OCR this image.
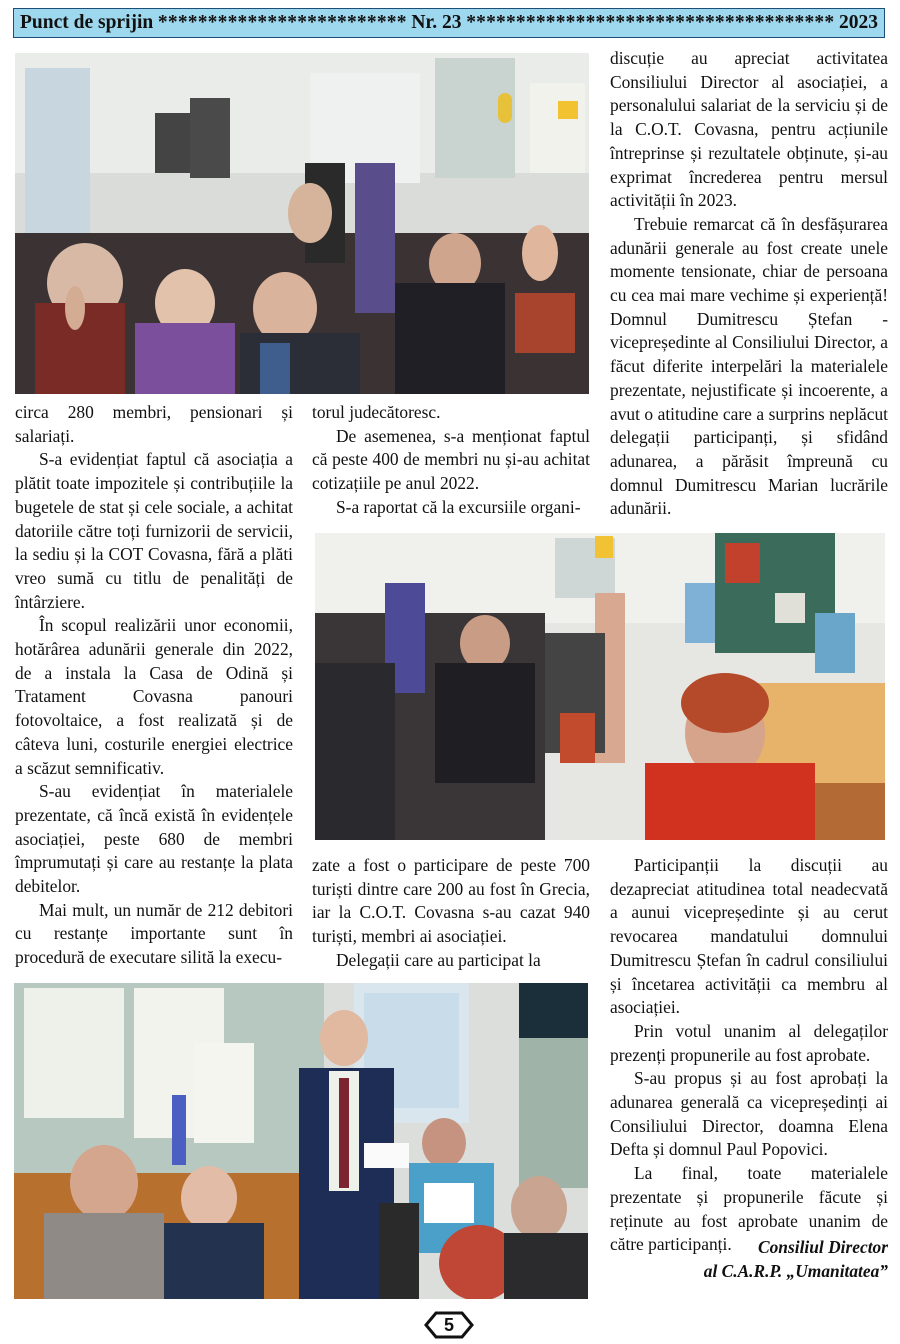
Punct de sprijin ************************* Nr. 23 ************************************* 2023

circa 280 membri, pensionari și salariați.

S-a evidențiat faptul că asociația a plătit toate impozitele și contribuțiile la bugetele de stat și cele sociale, a achitat datoriile către toți furnizorii de servicii, la sediu și la COT Covasna, fără a plăti vreo sumă cu titlu de penalități de întârziere.

În scopul realizării unor economii, hotărârea adunării generale din 2022, de a instala la Casa de Odină și Tratament Covasna panouri fotovoltaice, a fost realizată și de câteva luni, costurile energiei electrice a scăzut semnificativ.

S-au evidențiat în materialele prezentate, că încă există în evidențele asociației, peste 680 de membri împrumutați și care au restanțe la plata debitelor.

Mai mult, un număr de 212 debitori cu restanțe importante sunt în procedură de executare silită la execu-

torul judecătoresc.

De asemenea, s-a menționat faptul că peste 400 de membri nu și-au achitat cotizațiile pe anul 2022.

S-a raportat că la excursiile organi-

discuție au apreciat activitatea Consiliului Director al asociației, a personalului salariat de la serviciu și de la C.O.T. Covasna, pentru acțiunile întreprinse și rezultatele obținute, și-au exprimat încrederea pentru mersul activității în 2023.

Trebuie remarcat că în desfășurarea adunării generale au fost create unele momente tensionate, chiar de persoana cu cea mai mare vechime și experiență! Domnul Dumitrescu Ștefan - vicepreședinte al Consiliului Director, a făcut diferite interpelări la materialele prezentate, nejustificate și incoerente, a avut o atitudine care a surprins neplăcut delegații participanți, și sfidând adunarea, a părăsit împreună cu domnul Dumitrescu Marian lucrările adunării.

Participanții la discuții au dezapreciat atitudinea total neadecvată a aunui vicepreședinte și au cerut revocarea mandatului domnului Dumitrescu Ștefan în cadrul consiliului și încetarea activității ca membru al asociației.

Prin votul unanim al delegaților prezenți propunerile au fost aprobate.

S-au propus și au fost aprobați la adunarea generală ca vicepreședinți ai Consiliului Director, doamna Elena Defta și domnul Paul Popovici.

La final, toate materialele prezentate și propunerile făcute și reținute au fost aprobate unanim de către participanți.

zate a fost o participare de peste 700 turiști dintre care 200 au fost în Grecia, iar la C.O.T. Covasna s-au cazat 940 turiști, membri ai asociației.

Delegații care au participat la

Consiliul Director
al C.A.R.P. „Umanitatea”
5
